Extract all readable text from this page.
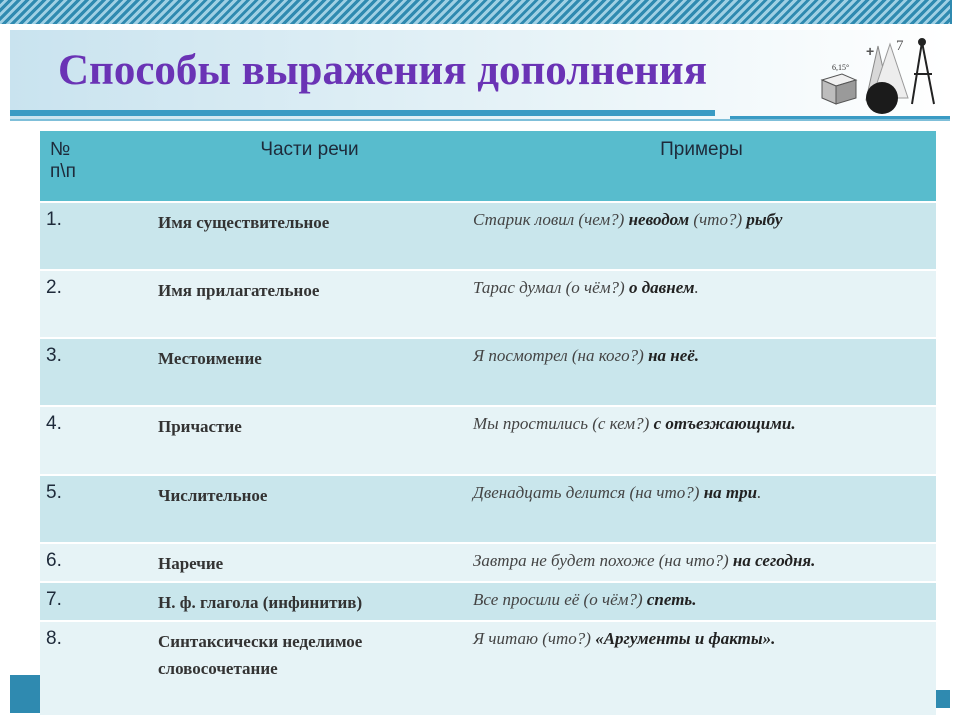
Способы выражения дополнения	6,15°
7
+
№
п\п	Части речи	Примеры
1.	Имя существительное	Старик ловил (чем?) неводом (что?) рыбу
2.	Имя прилагательное	Тарас думал (о чём?) о давнем.
3.	Местоимение	Я посмотрел (на кого?) на неё.
4.	Причастие	Мы простились (с кем?) с отъезжающими.
5.	Числительное	Двенадцать делится (на что?) на три.
6.	Наречие	Завтра не будет похоже (на что?) на сегодня.
7.	Н. ф. глагола (инфинитив)	Все просили её (о чём?) спеть.
8.	Синтаксически неделимое словосочетание	Я читаю (что?) «Аргументы и факты».
